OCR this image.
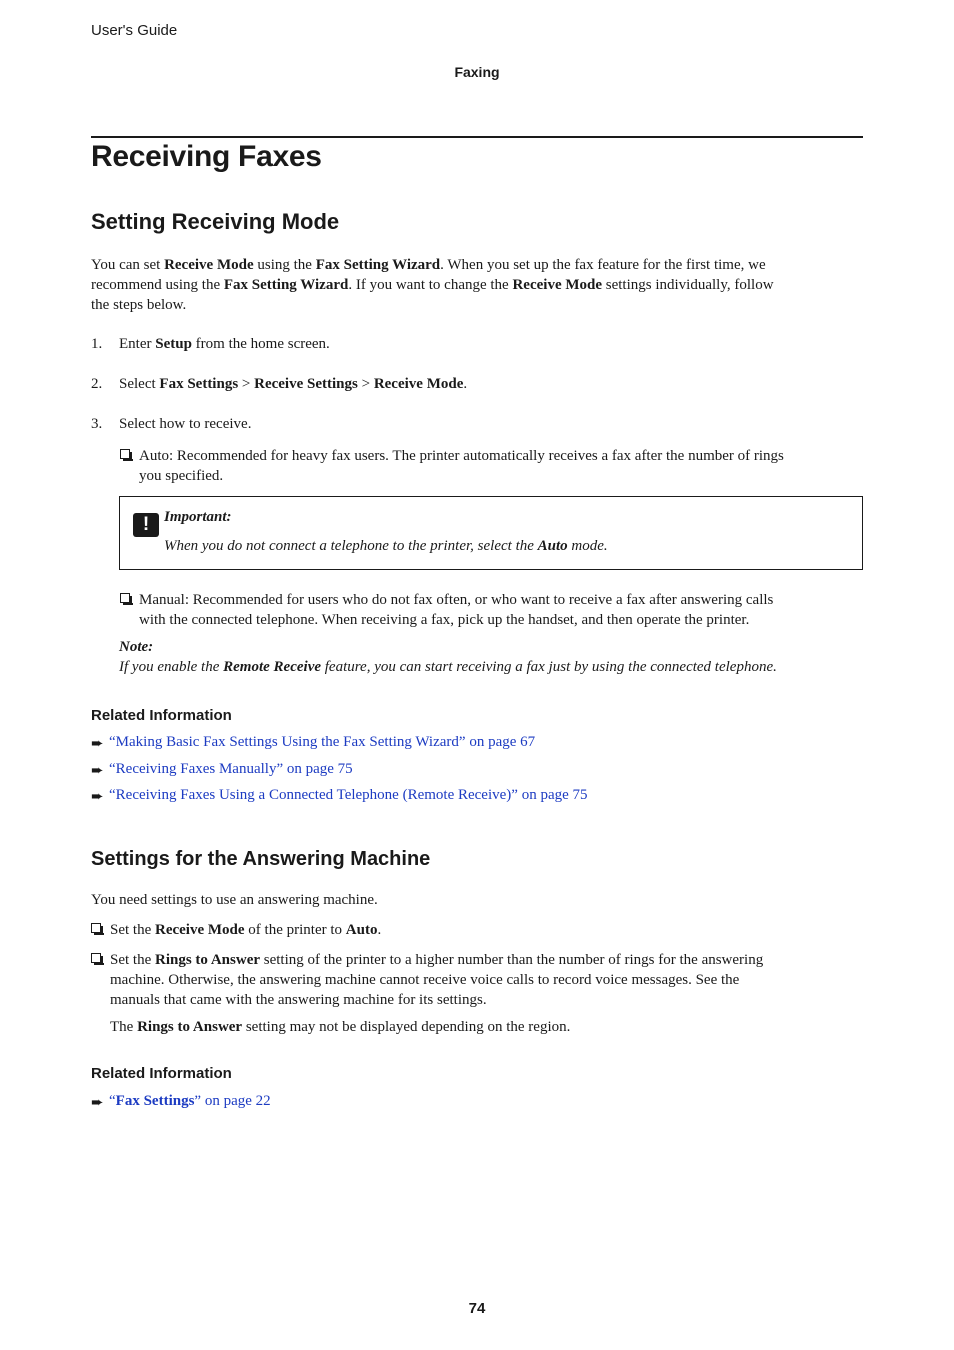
User's Guide
Faxing
Receiving Faxes
Setting Receiving Mode
You can set Receive Mode using the Fax Setting Wizard. When you set up the fax feature for the first time, we
recommend using the Fax Setting Wizard. If you want to change the Receive Mode settings individually, follow
the steps below.
1.	Enter Setup from the home screen.
2.	Select Fax Settings > Receive Settings > Receive Mode.
3.	Select how to receive.
Auto: Recommended for heavy fax users. The printer automatically receives a fax after the number of rings
you specified.
! Important:
When you do not connect a telephone to the printer, select the Auto mode.
Manual: Recommended for users who do not fax often, or who want to receive a fax after answering calls
with the connected telephone. When receiving a fax, pick up the handset, and then operate the printer.
Note:
If you enable the Remote Receive feature, you can start receiving a fax just by using the connected telephone.
Related Information
➨ “Making Basic Fax Settings Using the Fax Setting Wizard” on page 67
➨ “Receiving Faxes Manually” on page 75
➨ “Receiving Faxes Using a Connected Telephone (Remote Receive)” on page 75
Settings for the Answering Machine
You need settings to use an answering machine.
Set the Receive Mode of the printer to Auto.
Set the Rings to Answer setting of the printer to a higher number than the number of rings for the answering
machine. Otherwise, the answering machine cannot receive voice calls to record voice messages. See the
manuals that came with the answering machine for its settings.
The Rings to Answer setting may not be displayed depending on the region.
Related Information
➨ “Fax Settings” on page 22
74
